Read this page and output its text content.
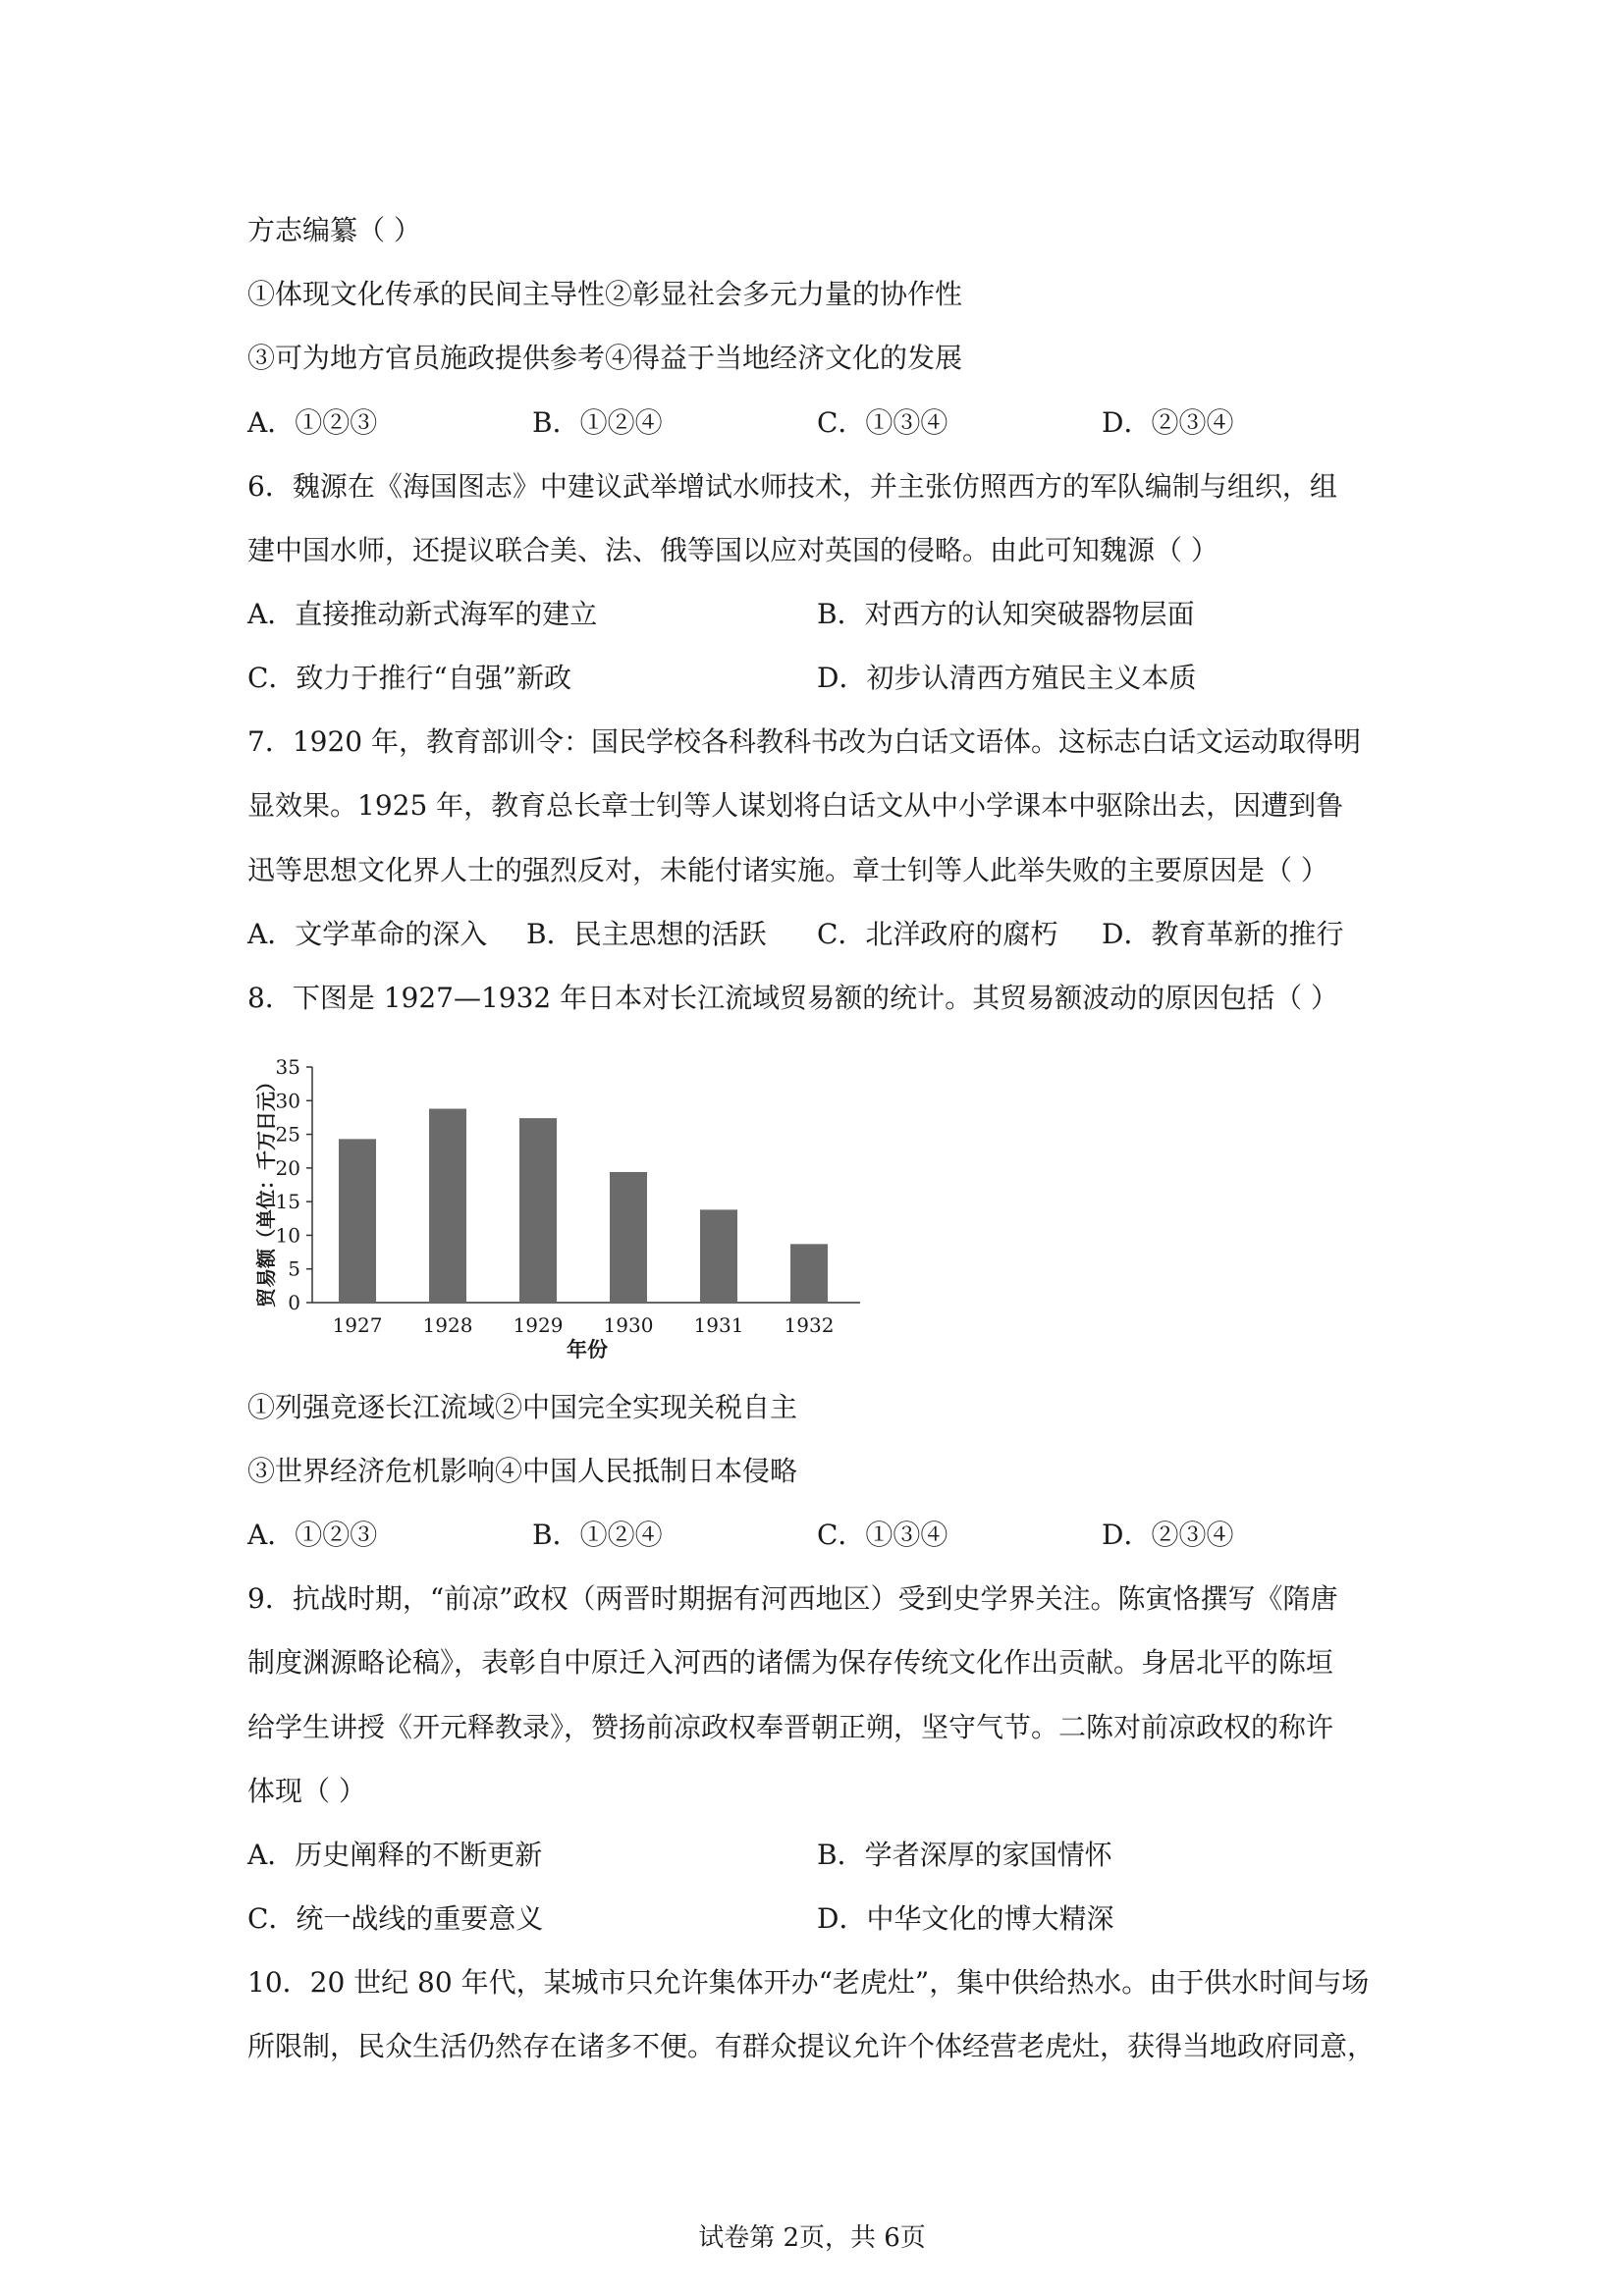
方志编纂（ ）
①体现文化传承的民间主导性②彰显社会多元力量的协作性
③可为地方官员施政提供参考④得益于当地经济文化的发展
A．①②③	B．①②④	C．①③④	D．②③④
6．魏源在《海国图志》中建议武举增试水师技术，并主张仿照西方的军队编制与组织，组
建中国水师，还提议联合美、法、俄等国以应对英国的侵略。由此可知魏源（ ）
A．直接推动新式海军的建立	B．对西方的认知突破器物层面
C．致力于推行“自强”新政	D．初步认清西方殖民主义本质
7．1920 年，教育部训令：国民学校各科教科书改为白话文语体。这标志白话文运动取得明
显效果。1925 年，教育总长章士钊等人谋划将白话文从中小学课本中驱除出去，因遭到鲁
迅等思想文化界人士的强烈反对，未能付诸实施。章士钊等人此举失败的主要原因是（ ）
A．文学革命的深入 B．民主思想的活跃 C．北洋政府的腐朽 D．教育革新的推行
8．下图是 1927—1932 年日本对长江流域贸易额的统计。其贸易额波动的原因包括（ ）
0
5
10
15
20
25
30
35
1927 1928 1929 1930 1931 1932
贸易额（单位：千万日元）
年份
①列强竞逐长江流域②中国完全实现关税自主
③世界经济危机影响④中国人民抵制日本侵略
A．①②③	B．①②④	C．①③④	D．②③④
9．抗战时期，“前凉”政权（两晋时期据有河西地区）受到史学界关注。陈寅恪撰写《隋唐
制度渊源略论稿》，表彰自中原迁入河西的诸儒为保存传统文化作出贡献。身居北平的陈垣
给学生讲授《开元释教录》，赞扬前凉政权奉晋朝正朔，坚守气节。二陈对前凉政权的称许
体现（ ）
A．历史阐释的不断更新	B．学者深厚的家国情怀
C．统一战线的重要意义	D．中华文化的博大精深
10．20 世纪 80 年代，某城市只允许集体开办“老虎灶”，集中供给热水。由于供水时间与场
所限制，民众生活仍然存在诸多不便。有群众提议允许个体经营老虎灶，获得当地政府同意，
试卷第 2页，共 6页
